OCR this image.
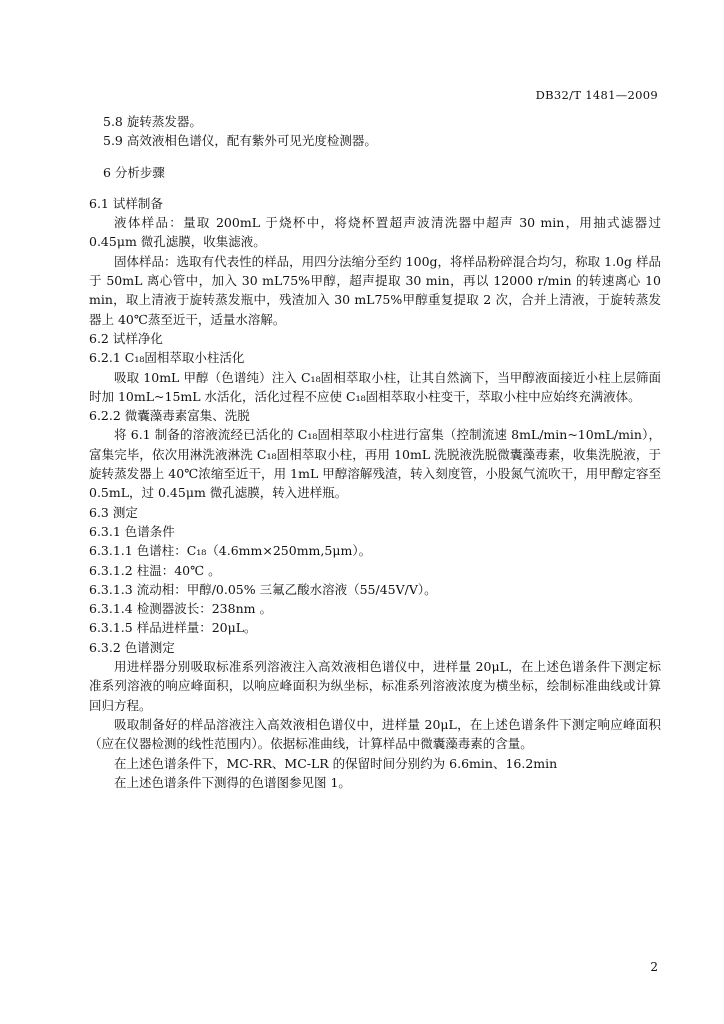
DB32/T 1481—2009
5.8 旋转蒸发器。
5.9 高效液相色谱仪，配有紫外可见光度检测器。
6 分析步骤
6.1 试样制备
液体样品：量取 200mL 于烧杯中，将烧杯置超声波清洗器中超声 30 min，用抽式滤器过 0.45μm 微孔滤膜，收集滤液。
固体样品：选取有代表性的样品，用四分法缩分至约 100g，将样品粉碎混合均匀，称取 1.0g 样品于 50mL 离心管中，加入 30 mL75%甲醇，超声提取 30 min，再以 12000 r/min 的转速离心 10 min，取上清液于旋转蒸发瓶中，残渣加入 30 mL75%甲醇重复提取 2 次，合并上清液，于旋转蒸发器上 40℃蒸至近干，适量水溶解。
6.2 试样净化
6.2.1 C₁₈固相萃取小柱活化
吸取 10mL 甲醇（色谱纯）注入 C₁₈固相萃取小柱，让其自然滴下，当甲醇液面接近小柱上层筛面时加 10mL~15mL 水活化，活化过程不应使 C₁₈固相萃取小柱变干，萃取小柱中应始终充满液体。
6.2.2 微囊藻毒素富集、洗脱
将 6.1 制备的溶液流经已活化的 C₁₈固相萃取小柱进行富集（控制流速 8mL/min~10mL/min），富集完毕，依次用淋洗液淋洗 C₁₈固相萃取小柱，再用 10mL 洗脱液洗脱微囊藻毒素，收集洗脱液，于旋转蒸发器上 40℃浓缩至近干，用 1mL 甲醇溶解残渣，转入刻度管，小股氮气流吹干，用甲醇定容至 0.5mL，过 0.45μm 微孔滤膜，转入进样瓶。
6.3 测定
6.3.1 色谱条件
6.3.1.1 色谱柱：C₁₈（4.6mm×250mm,5μm）。
6.3.1.2 柱温：40℃ 。
6.3.1.3 流动相：甲醇/0.05% 三氟乙酸水溶液（55/45V/V）。
6.3.1.4 检测器波长：238nm 。
6.3.1.5 样品进样量：20μL。
6.3.2 色谱测定
用进样器分别吸取标准系列溶液注入高效液相色谱仪中，进样量 20μL，在上述色谱条件下测定标准系列溶液的响应峰面积，以响应峰面积为纵坐标，标准系列溶液浓度为横坐标，绘制标准曲线或计算回归方程。
吸取制备好的样品溶液注入高效液相色谱仪中，进样量 20μL，在上述色谱条件下测定响应峰面积（应在仪器检测的线性范围内）。依据标准曲线，计算样品中微囊藻毒素的含量。
在上述色谱条件下，MC-RR、MC-LR 的保留时间分别约为 6.6min、16.2min
在上述色谱条件下测得的色谱图参见图 1。
2
